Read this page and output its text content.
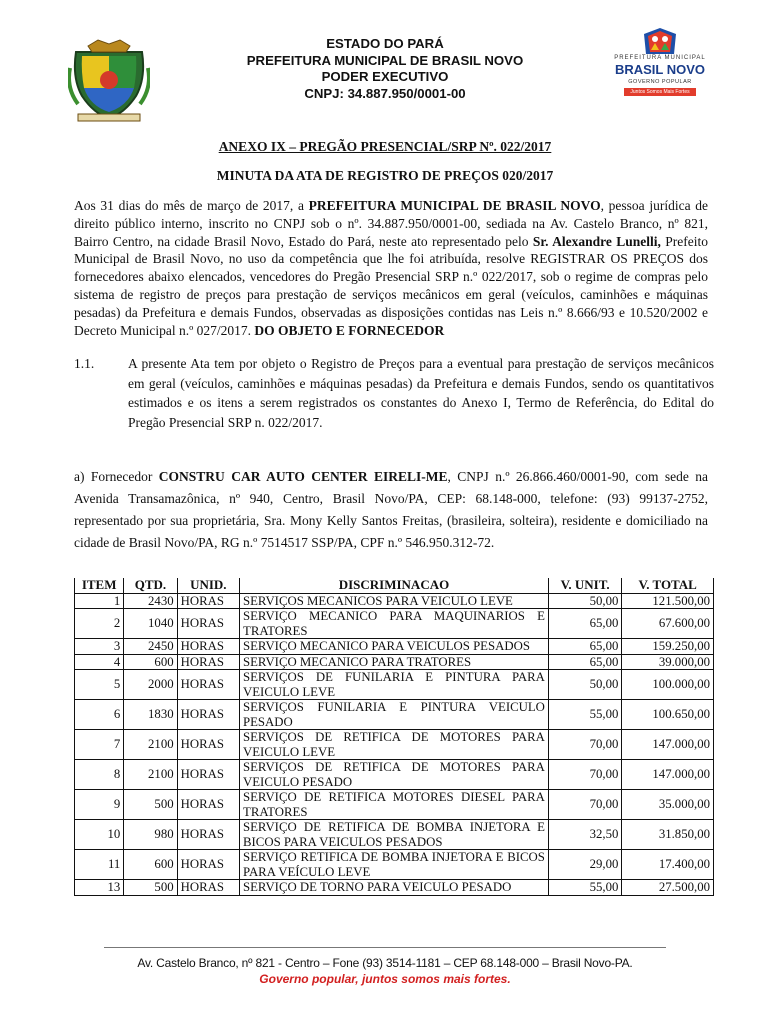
ESTADO DO PARÁ
PREFEITURA MUNICIPAL DE BRASIL NOVO
PODER EXECUTIVO
CNPJ: 34.887.950/0001-00
PREFEITURA MUNICIPAL
BRASIL NOVO
GOVERNO POPULAR
Juntos Somos Mais Fortes
ANEXO IX – PREGÃO PRESENCIAL/SRP Nº. 022/2017
MINUTA DA ATA DE REGISTRO DE PREÇOS 020/2017
Aos 31 dias do mês de março de 2017, a PREFEITURA MUNICIPAL DE BRASIL NOVO, pessoa jurídica de direito público interno, inscrito no CNPJ sob o nº. 34.887.950/0001-00, sediada na Av. Castelo Branco, nº 821, Bairro Centro, na cidade Brasil Novo, Estado do Pará, neste ato representado pelo Sr. Alexandre Lunelli, Prefeito Municipal de Brasil Novo, no uso da competência que lhe foi atribuída, resolve REGISTRAR OS PREÇOS dos fornecedores abaixo elencados, vencedores do Pregão Presencial SRP n.º 022/2017, sob o regime de compras pelo sistema de registro de preços para prestação de serviços mecânicos em geral (veículos, caminhões e máquinas pesadas) da Prefeitura e demais Fundos, observadas as disposições contidas nas Leis n.º 8.666/93 e 10.520/2002 e Decreto Municipal n.º 027/2017. DO OBJETO E FORNECEDOR
1.1.	A presente Ata tem por objeto o Registro de Preços para a eventual para prestação de serviços mecânicos em geral (veículos, caminhões e máquinas pesadas) da Prefeitura e demais Fundos, sendo os quantitativos estimados e os itens a serem registrados os constantes do Anexo I, Termo de Referência, do Edital do Pregão Presencial SRP n. 022/2017.
a) Fornecedor CONSTRU CAR AUTO CENTER EIRELI-ME, CNPJ n.º 26.866.460/0001-90, com sede na Avenida Transamazônica, nº 940, Centro, Brasil Novo/PA, CEP: 68.148-000, telefone: (93) 99137-2752, representado por sua proprietária, Sra. Mony Kelly Santos Freitas, (brasileira, solteira), residente e domiciliado na cidade de Brasil Novo/PA, RG n.º 7514517 SSP/PA, CPF n.º 546.950.312-72.
ITEM	QTD.	UNID.	DISCRIMINACAO	V. UNIT.	V. TOTAL
1	2430	HORAS	SERVIÇOS MECANICOS PARA VEICULO LEVE	50,00	121.500,00
2	1040	HORAS	SERVIÇO MECANICO PARA MAQUINARIOS E TRATORES	65,00	67.600,00
3	2450	HORAS	SERVIÇO MECANICO PARA VEICULOS PESADOS	65,00	159.250,00
4	600	HORAS	SERVIÇO MECANICO PARA TRATORES	65,00	39.000,00
5	2000	HORAS	SERVIÇOS DE FUNILARIA E PINTURA PARA VEICULO LEVE	50,00	100.000,00
6	1830	HORAS	SERVIÇOS FUNILARIA E PINTURA VEICULO PESADO	55,00	100.650,00
7	2100	HORAS	SERVIÇOS DE RETIFICA DE MOTORES PARA VEICULO LEVE	70,00	147.000,00
8	2100	HORAS	SERVIÇOS DE RETIFICA DE MOTORES PARA VEICULO PESADO	70,00	147.000,00
9	500	HORAS	SERVIÇO DE RETIFICA MOTORES DIESEL PARA TRATORES	70,00	35.000,00
10	980	HORAS	SERVIÇO DE RETIFICA DE BOMBA INJETORA E BICOS PARA VEICULOS PESADOS	32,50	31.850,00
11	600	HORAS	SERVIÇO RETIFICA DE BOMBA INJETORA E BICOS PARA VEÍCULO LEVE	29,00	17.400,00
13	500	HORAS	SERVIÇO DE TORNO PARA VEICULO PESADO	55,00	27.500,00
Av. Castelo Branco, nº 821 - Centro – Fone (93) 3514-1181 – CEP 68.148-000 – Brasil Novo-PA.
Governo popular, juntos somos mais fortes.
